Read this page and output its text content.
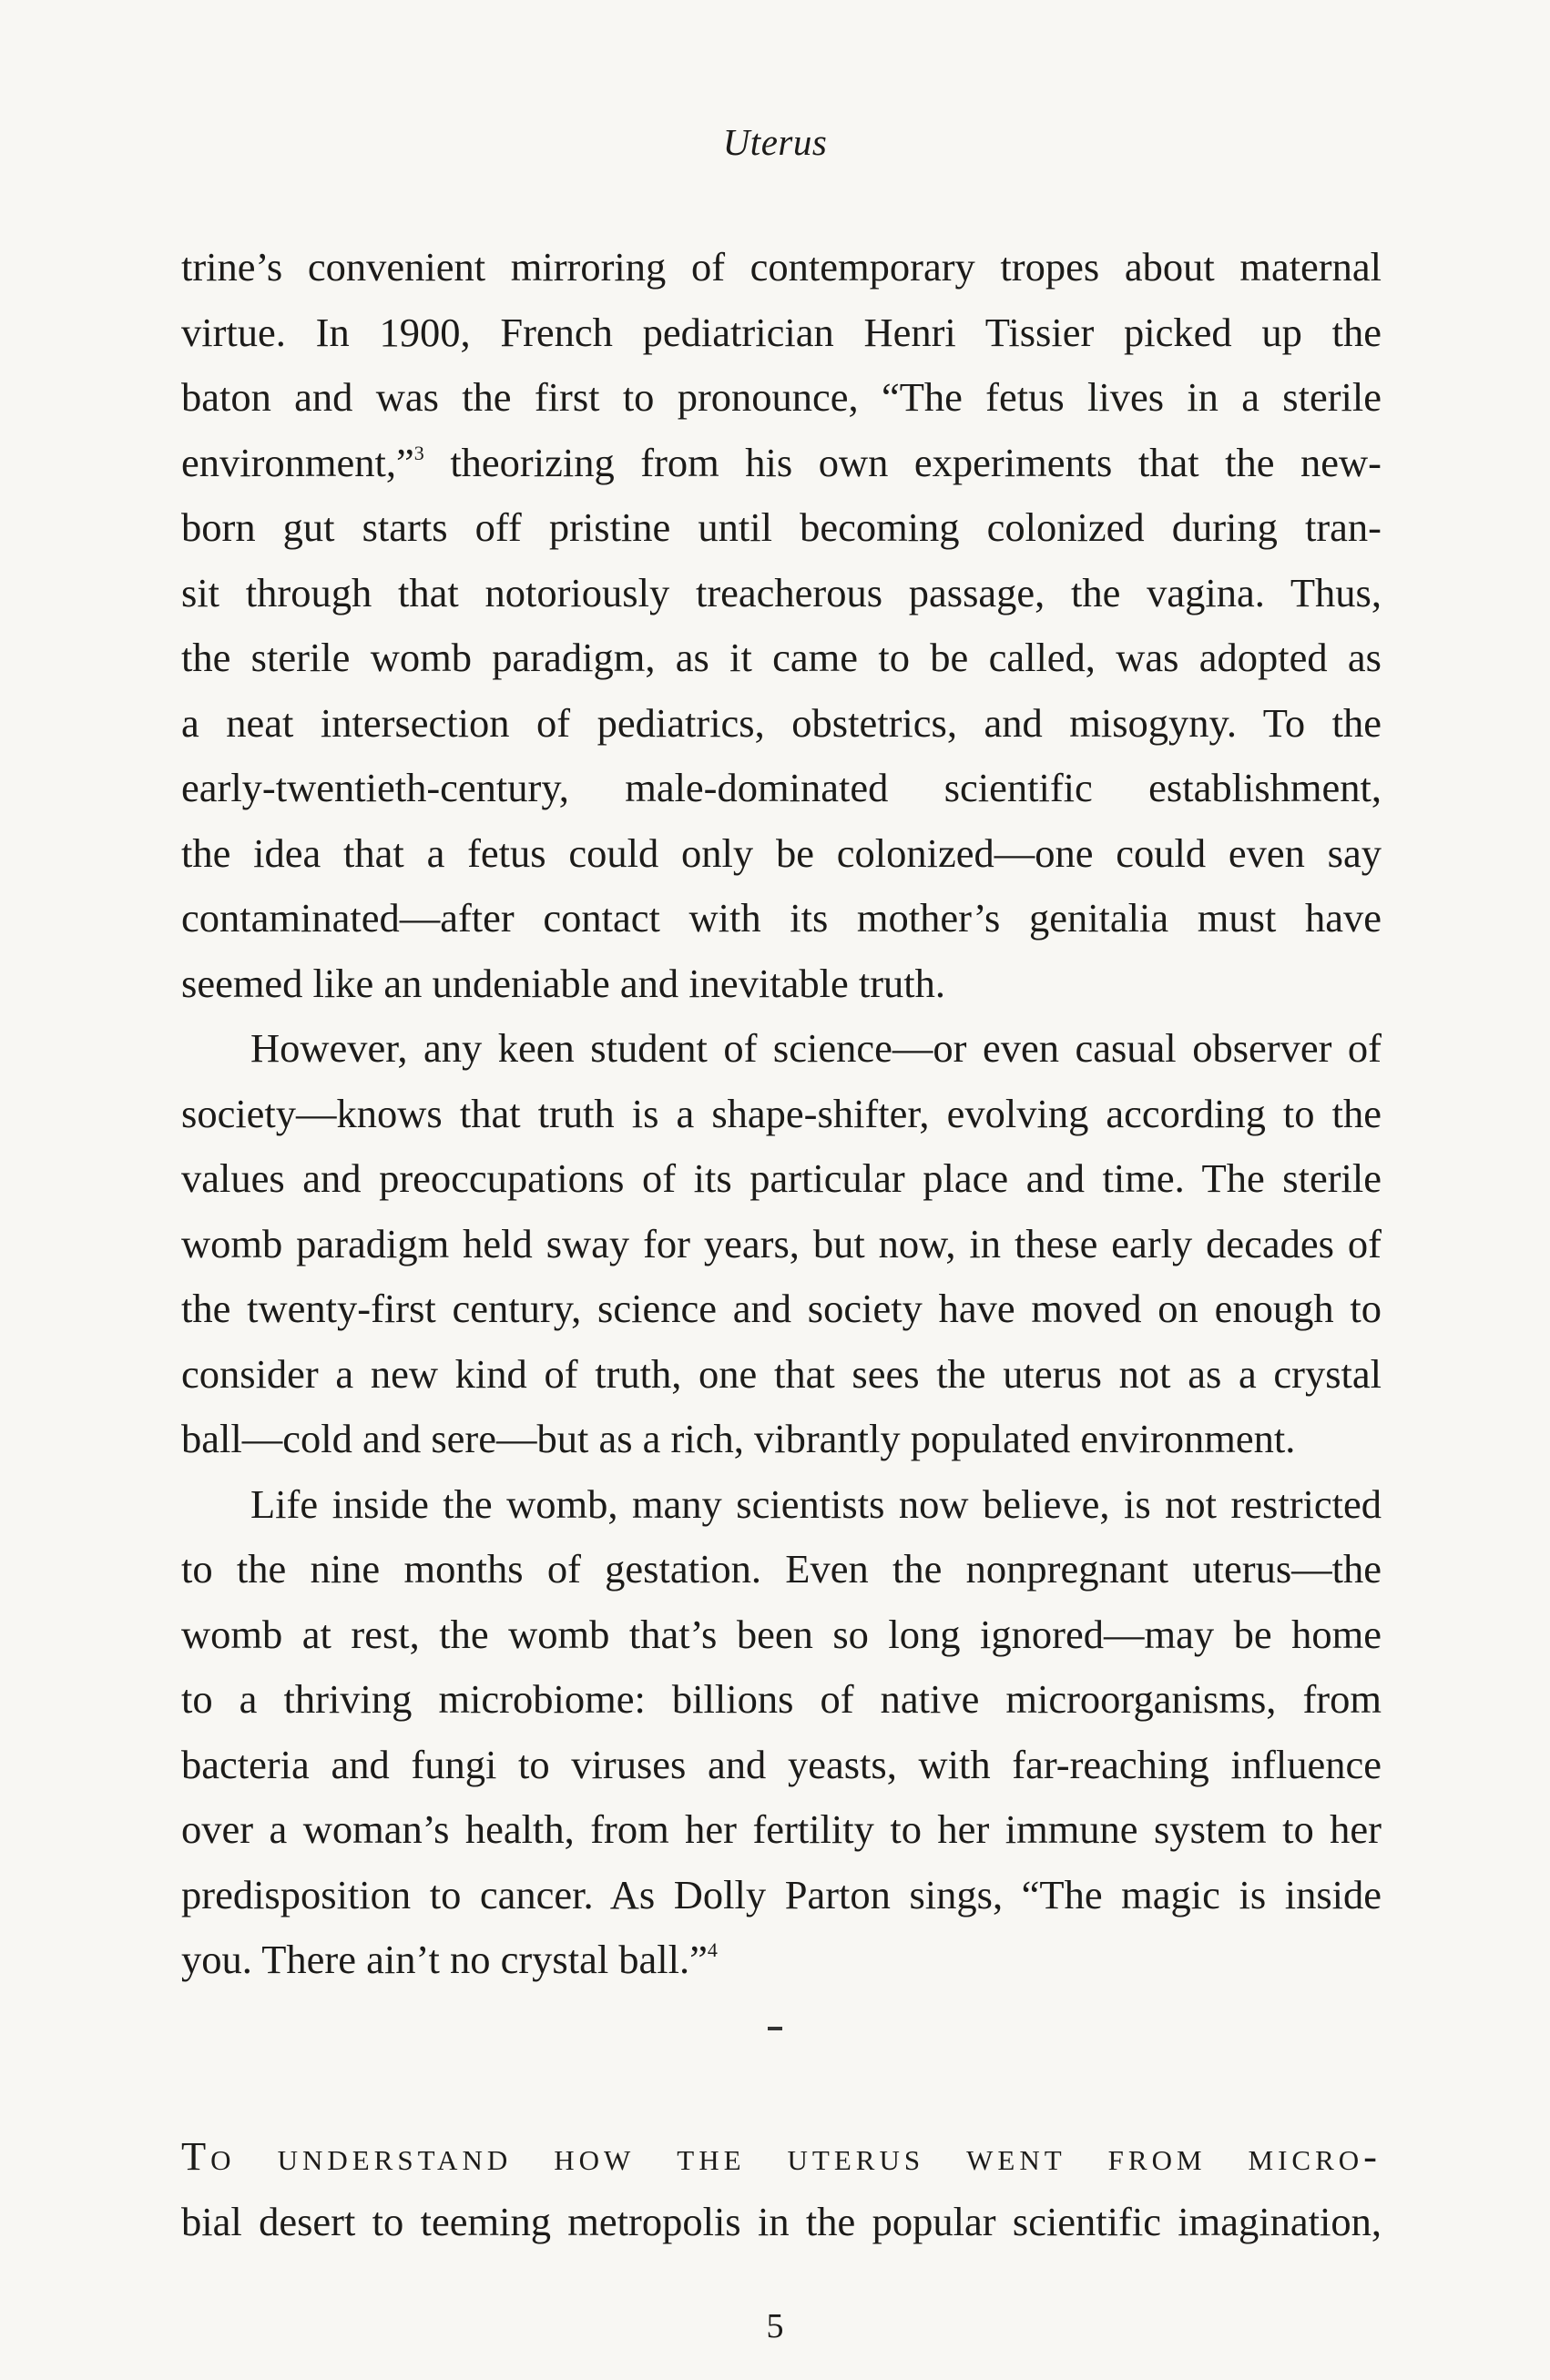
Uterus
trine’s convenient mirroring of contemporary tropes about maternal
virtue. In 1900, French pediatrician Henri Tissier picked up the
baton and was the first to pronounce, “The fetus lives in a sterile
environment,”$^3$ theorizing from his own experiments that the new-
born gut starts off pristine until becoming colonized during tran-
sit through that notoriously treacherous passage, the vagina. Thus,
the sterile womb paradigm, as it came to be called, was adopted as
a neat intersection of pediatrics, obstetrics, and misogyny. To the
early-twentieth-century, male-dominated scientific establishment,
the idea that a fetus could only be colonized—one could even say
contaminated—after contact with its mother’s genitalia must have
seemed like an undeniable and inevitable truth.
However, any keen student of science—or even casual observer of
society—knows that truth is a shape-shifter, evolving according to the
values and preoccupations of its particular place and time. The sterile
womb paradigm held sway for years, but now, in these early decades of
the twenty-first century, science and society have moved on enough to
consider a new kind of truth, one that sees the uterus not as a crystal
ball—cold and sere—but as a rich, vibrantly populated environment.
Life inside the womb, many scientists now believe, is not restricted
to the nine months of gestation. Even the nonpregnant uterus—the
womb at rest, the womb that’s been so long ignored—may be home
to a thriving microbiome: billions of native microorganisms, from
bacteria and fungi to viruses and yeasts, with far-reaching influence
over a woman’s health, from her fertility to her immune system to her
predisposition to cancer. As Dolly Parton sings, “The magic is inside
you. There ain’t no crystal ball.”$^4$
To understand how the uterus went from micro-
bial desert to teeming metropolis in the popular scientific imagination,
5
